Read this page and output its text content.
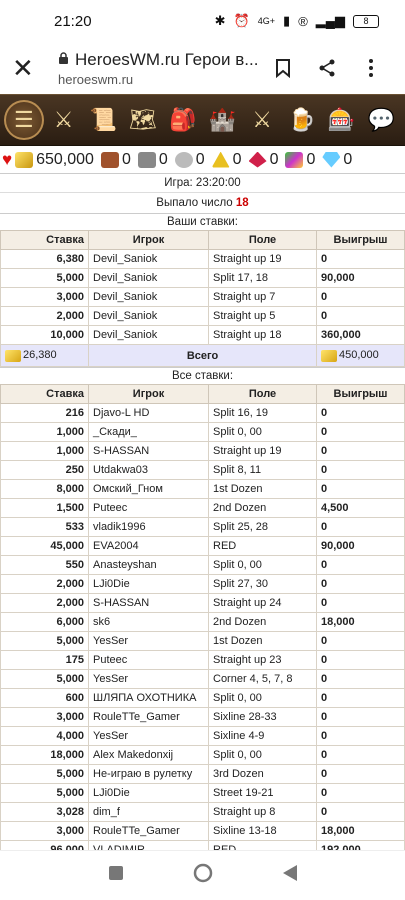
21:20	✱ ⏰ 4G+ ▮ ® ▂▄▆	8
✕	HeroesWM.ru Герои в...
heroeswm.ru
☰ ⚔ 📜 🗺 🎒 🏰 ⚔ 🍺 🎰 💬
♥ 650,000 0 0 0 0 0 0 0
Игра: 23:20:00
Выпало число 18
Ваши ставки:
Ставка	Игрок	Поле	Выигрыш
6,380	Devil_Saniok	Straight up 19	0
5,000	Devil_Saniok	Split 17, 18	90,000
3,000	Devil_Saniok	Straight up 7	0
2,000	Devil_Saniok	Straight up 5	0
10,000	Devil_Saniok	Straight up 18	360,000
26,380	Всего		450,000
Все ставки:
Ставка	Игрок	Поле	Выигрыш
216	Djavo-L HD	Split 16, 19	0
1,000	_Скади_	Split 0, 00	0
1,000	S-HASSAN	Straight up 19	0
250	Utdakwa03	Split 8, 11	0
8,000	Омский_Гном	1st Dozen	0
1,500	Puteec	2nd Dozen	4,500
533	vladik1996	Split 25, 28	0
45,000	EVA2004	RED	90,000
550	Anasteyshan	Split 0, 00	0
2,000	LJi0Die	Split 27, 30	0
2,000	S-HASSAN	Straight up 24	0
6,000	sk6	2nd Dozen	18,000
5,000	YesSer	1st Dozen	0
175	Puteec	Straight up 23	0
5,000	YesSer	Corner 4, 5, 7, 8	0
600	ШЛЯПА ОХОТНИКА	Split 0, 00	0
3,000	RouleTTe_Gamer	Sixline 28-33	0
4,000	YesSer	Sixline 4-9	0
18,000	Alex Makedonxij	Split 0, 00	0
5,000	Не-играю в рулетку	3rd Dozen	0
5,000	LJi0Die	Street 19-21	0
3,028	dim_f	Straight up 8	0
3,000	RouleTTe_Gamer	Sixline 13-18	18,000
